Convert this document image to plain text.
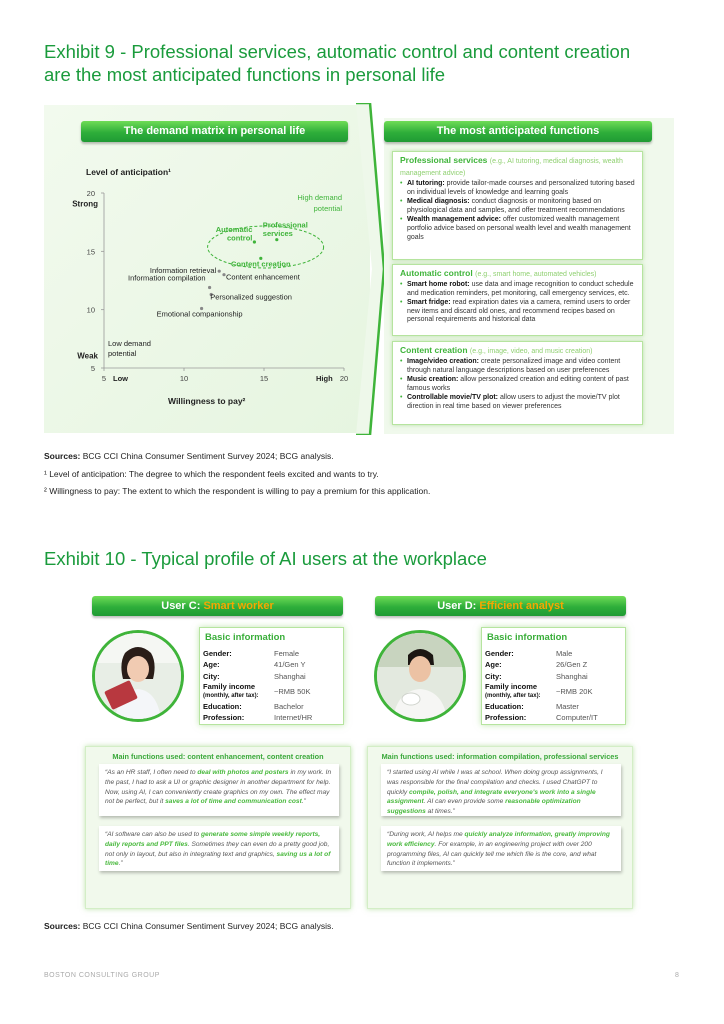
Exhibit 9 - Professional services, automatic control and content creation
are the most anticipated functions in personal life
The demand matrix in personal life
Level of anticipation¹
Willingness to pay²
5	10	15	20
5
10
15
20
Low	High
Strong
Weak
High demand
potential
Low demand
potential
Professional
services
Automatic
control
Content creation
Information retrieval
Content enhancement
Information compilation
Personalized suggestion
Emotional companionship
The most anticipated functions
Professional services (e.g., AI tutoring, medical diagnosis, wealth management advice)
• AI tutoring: provide tailor-made courses and personalized tutoring based on individual levels of knowledge and learning goals
• Medical diagnosis: conduct diagnosis or monitoring based on physiological data and samples, and offer treatment recommendations
• Wealth management advice: offer customized wealth management portfolio advice based on personal wealth level and wealth management goals
Automatic control (e.g., smart home, automated vehicles)
• Smart home robot: use data and image recognition to conduct schedule and medication reminders, pet monitoring, call emergency services, etc.
• Smart fridge: read expiration dates via a camera, remind users to order new items and discard old ones, and recommend recipes based on personal requirements and historical data
Content creation (e.g., image, video, and music creation)
• Image/video creation: create personalized image and video content through natural language descriptions based on user preferences
• Music creation: allow personalized creation and editing content of past famous works
• Controllable movie/TV plot: allow users to adjust the movie/TV plot direction in real time based on viewer preferences
Sources: BCG CCI China Consumer Sentiment Survey 2024; BCG analysis.
¹ Level of anticipation: The degree to which the respondent feels excited and wants to try.
² Willingness to pay: The extent to which the respondent is willing to pay a premium for this application.
Exhibit 10 - Typical profile of AI users at the workplace
User C: Smart worker
Basic information
Gender:	Female
Age:	41/Gen Y
City:	Shanghai
Family income
(monthly, after tax): ~RMB 50K
Education:	Bachelor
Profession:	Internet/HR
Main functions used: content enhancement, content creation
“As an HR staff, I often need to deal with photos and posters in my work. In the past, I had to ask a UI or graphic designer in another department for help. Now, using AI, I can conveniently create graphics on my own. The effect may not be perfect, but it saves a lot of time and communication cost.”
“AI software can also be used to generate some simple weekly reports, daily reports and PPT files. Sometimes they can even do a pretty good job, not only in layout, but also in integrating text and graphics, saving us a lot of time.”
User D: Efficient analyst
Basic information
Gender:	Male
Age:	26/Gen Z
City:	Shanghai
Family income
(monthly, after tax): ~RMB 20K
Education:	Master
Profession:	Computer/IT
Main functions used: information compilation, professional services
“I started using AI while I was at school. When doing group assignments, I was responsible for the final compilation and checks. I used ChatGPT to quickly compile, polish, and integrate everyone's work into a single assignment. AI can even provide some reasonable optimization suggestions at times.”
“During work, AI helps me quickly analyze information, greatly improving work efficiency. For example, in an engineering project with over 200 programming files, AI can quickly tell me which file is the core, and what function it implements.”
Sources: BCG CCI China Consumer Sentiment Survey 2024; BCG analysis.
BOSTON CONSULTING GROUP	8
